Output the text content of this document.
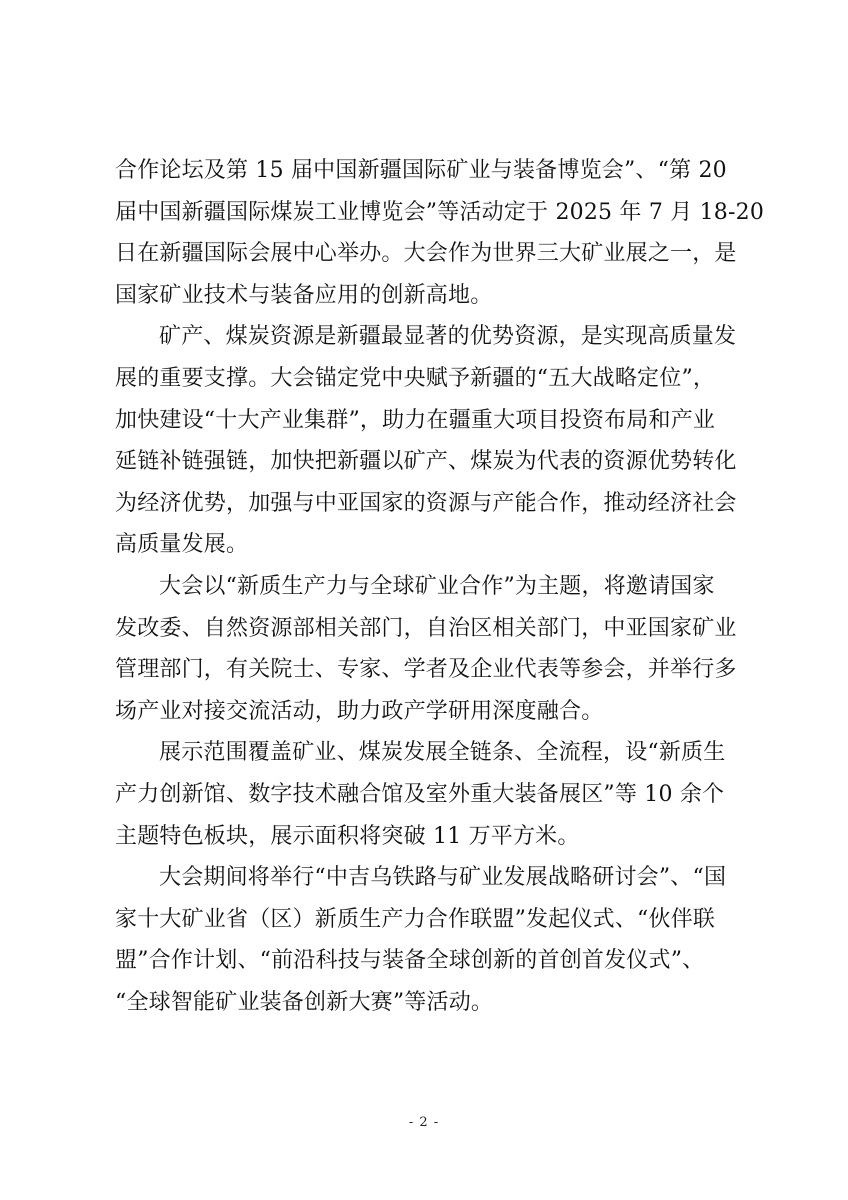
合作论坛及第 15 届中国新疆国际矿业与装备博览会”、“第 20
届中国新疆国际煤炭工业博览会”等活动定于 2025 年 7 月 18-20
日在新疆国际会展中心举办。大会作为世界三大矿业展之一，是
国家矿业技术与装备应用的创新高地。

矿产、煤炭资源是新疆最显著的优势资源，是实现高质量发
展的重要支撑。大会锚定党中央赋予新疆的“五大战略定位”，
加快建设“十大产业集群”，助力在疆重大项目投资布局和产业
延链补链强链，加快把新疆以矿产、煤炭为代表的资源优势转化
为经济优势，加强与中亚国家的资源与产能合作，推动经济社会
高质量发展。

大会以“新质生产力与全球矿业合作”为主题，将邀请国家
发改委、自然资源部相关部门，自治区相关部门，中亚国家矿业
管理部门，有关院士、专家、学者及企业代表等参会，并举行多
场产业对接交流活动，助力政产学研用深度融合。

展示范围覆盖矿业、煤炭发展全链条、全流程，设“新质生
产力创新馆、数字技术融合馆及室外重大装备展区”等 10 余个
主题特色板块，展示面积将突破 11 万平方米。

大会期间将举行“中吉乌铁路与矿业发展战略研讨会”、“国
家十大矿业省（区）新质生产力合作联盟”发起仪式、“伙伴联
盟”合作计划、“前沿科技与装备全球创新的首创首发仪式”、
“全球智能矿业装备创新大赛”等活动。

- 2 -
